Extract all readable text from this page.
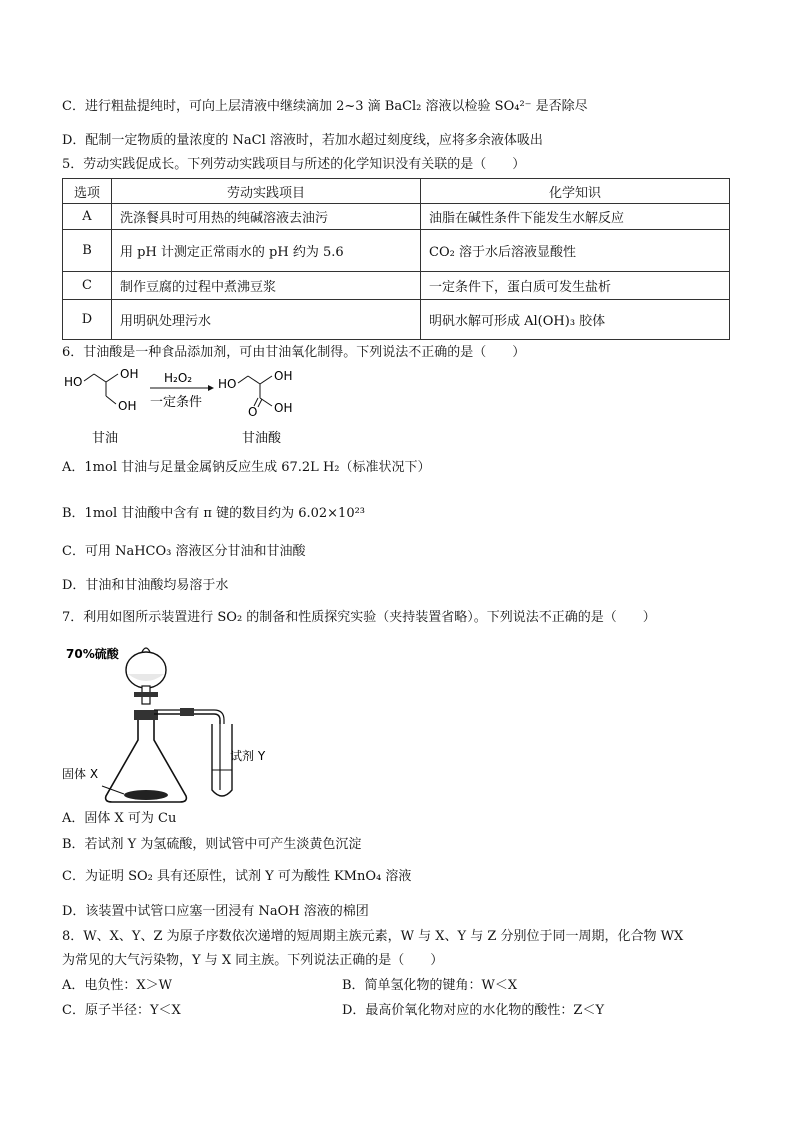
C．进行粗盐提纯时，可向上层清液中继续滴加 2~3 滴 BaCl₂ 溶液以检验 SO₄²⁻ 是否除尽
D．配制一定物质的量浓度的 NaCl 溶液时，若加水超过刻度线，应将多余液体吸出
5．劳动实践促成长。下列劳动实践项目与所述的化学知识没有关联的是（　　）
选项	劳动实践项目	化学知识
A	洗涤餐具时可用热的纯碱溶液去油污	油脂在碱性条件下能发生水解反应
B	用 pH 计测定正常雨水的 pH 约为 5.6	CO₂ 溶于水后溶液显酸性
C	制作豆腐的过程中煮沸豆浆	一定条件下，蛋白质可发生盐析
D	用明矾处理污水	明矾水解可形成 Al(OH)₃ 胶体
6．甘油酸是一种食品添加剂，可由甘油氧化制得。下列说法不正确的是（　　）
HO
OH
OH
甘油
H₂O₂
一定条件
HO
OH
OH
O
甘油酸
A．1mol 甘油与足量金属钠反应生成 67.2L H₂（标准状况下）
B．1mol 甘油酸中含有 π 键的数目约为 6.02×10²³
C．可用 NaHCO₃ 溶液区分甘油和甘油酸
D．甘油和甘油酸均易溶于水
7．利用如图所示装置进行 SO₂ 的制备和性质探究实验（夹持装置省略）。下列说法不正确的是（　　）
70%硫酸
固体 X
试剂 Y
A．固体 X 可为 Cu
B．若试剂 Y 为氢硫酸，则试管中可产生淡黄色沉淀
C．为证明 SO₂ 具有还原性，试剂 Y 可为酸性 KMnO₄ 溶液
D．该装置中试管口应塞一团浸有 NaOH 溶液的棉团
8．W、X、Y、Z 为原子序数依次递增的短周期主族元素，W 与 X、Y 与 Z 分别位于同一周期，化合物 WX
为常见的大气污染物，Y 与 X 同主族。下列说法正确的是（　　）
A．电负性：X＞W	B．简单氢化物的键角：W＜X
C．原子半径：Y＜X	D．最高价氧化物对应的水化物的酸性：Z＜Y
